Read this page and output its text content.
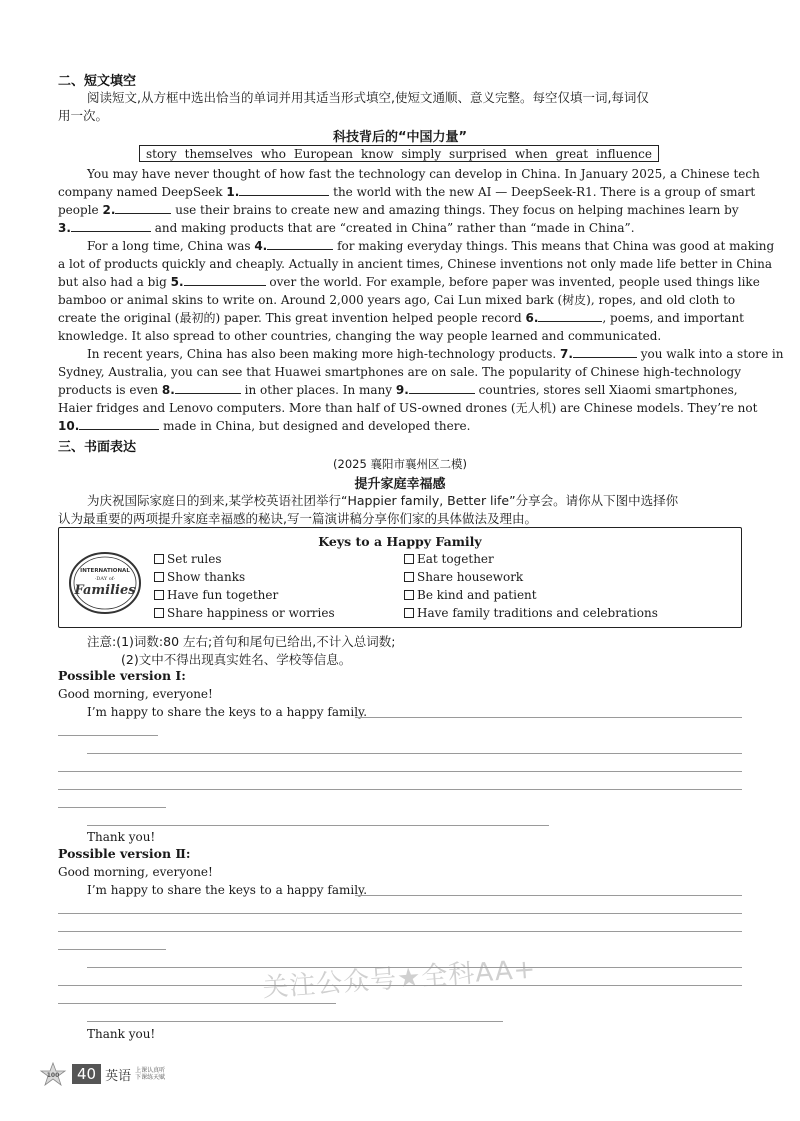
二、短文填空
阅读短文,从方框中选出恰当的单词并用其适当形式填空,使短文通顺、意义完整。每空仅填一词,每词仅
用一次。
科技背后的“中国力量”
story themselves who European know simply surprised when great influence
You may have never thought of how fast the technology can develop in China. In January 2025, a Chinese tech
company named DeepSeek 1.	the world with the new AI — DeepSeek-R1. There is a group of smart
people 2.	use their brains to create new and amazing things. They focus on helping machines learn by
3.	and making products that are “created in China” rather than “made in China”.
For a long time, China was 4.	for making everyday things. This means that China was good at making
a lot of products quickly and cheaply. Actually in ancient times, Chinese inventions not only made life better in China
but also had a big 5.	over the world. For example, before paper was invented, people used things like
bamboo or animal skins to write on. Around 2,000 years ago, Cai Lun mixed bark (树皮), ropes, and old cloth to
create the original (最初的) paper. This great invention helped people record 6.	, poems, and important
knowledge. It also spread to other countries, changing the way people learned and communicated.
In recent years, China has also been making more high-technology products. 7.	you walk into a store in
Sydney, Australia, you can see that Huawei smartphones are on sale. The popularity of Chinese high-technology
products is even 8.	in other places. In many 9.	countries, stores sell Xiaomi smartphones,
Haier fridges and Lenovo computers. More than half of US-owned drones (无人机) are Chinese models. They’re not
10.	made in China, but designed and developed there.
三、书面表达
(2025 襄阳市襄州区二模)
提升家庭幸福感
为庆祝国际家庭日的到来,某学校英语社团举行“Happier family, Better life”分享会。请你从下图中选择你
认为最重要的两项提升家庭幸福感的秘诀,写一篇演讲稿分享你们家的具体做法及理由。
INTERNATIONAL
·DAY of·
Families
Keys to a Happy Family
Set rules
Show thanks
Have fun together
Share happiness or worries
Eat together
Share housework
Be kind and patient
Have family traditions and celebrations
注意:(1)词数:80 左右;首句和尾句已给出,不计入总词数;
(2)文中不得出现真实姓名、学校等信息。
Possible version Ⅰ:
Good morning, everyone!
I’m happy to share the keys to a happy family.
Thank you!
Possible version Ⅱ:
Good morning, everyone!
I’m happy to share the keys to a happy family.
Thank you!
关注公众号★全科AA+
100	40 英语 上课认真听
下课练天赋
